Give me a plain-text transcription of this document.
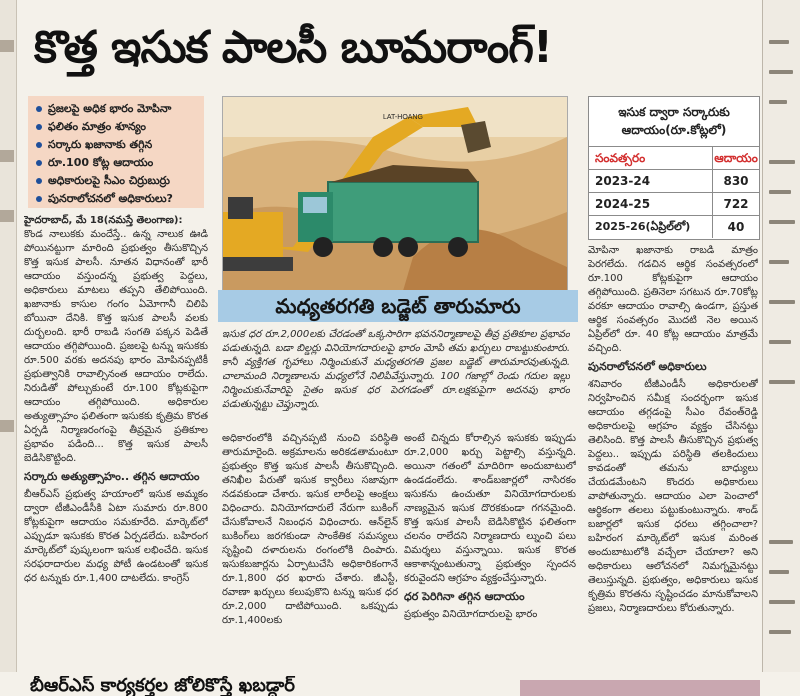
కొత్త ఇసుక పాలసీ బూమరాంగ్!
ప్రజలపై అధిక భారం మోపినా
ఫలితం మాత్రం శూన్యం
సర్కారు ఖజానాకు తగ్గిన
రూ.100 కోట్ల ఆదాయం
అధికారులపై సీఎం చిర్రుబుర్రు
పునరాలోచనలో అధికారులు?
LAT-HOANG
మధ్యతరగతి బడ్జెట్ తారుమారు
ఇసుక ద్వారా సర్కారుకు
ఆదాయం(రూ.కోట్లలో)
సంవత్సరం	ఆదాయం
2023-24	830
2024-25	722
2025-26(ఏప్రిల్‌లో)	40

హైదరాబాద్, మే 18(నమస్తే తెలంగాణ):

కొండ నాలుకకు మందేస్తే.. ఉన్న నాలుక ఊడి పోయినట్టుగా మారింది ప్రభుత్వం తీసుకొచ్చిన కొత్త ఇసుక పాలసీ. నూతన విధానంతో భారీ ఆదాయం వస్తుందన్న ప్రభుత్వ పెద్దలు, అధికారులు మాటలు తప్పని తేలిపోయింది. ఖజానాకు కాసుల గంగం ఏమోగానీ చిలిపి బోయినా దేనికి. కొత్త ఇసుక పాలసీ వలకు దుర్బలంది. భారీ రాబడి సంగతి పక్కన పెడితే ఆదాయం తగ్గిపోయింది. ప్రజలపై టన్ను ఇసుకకు రూ.500 వరకు అదనపు భారం మోపినప్పటికీ ప్రభుత్వానికి రావాల్సినంత ఆదాయం రాలేదు. నిరుడితో పోల్చుకుంటే రూ.100 కోట్లకుపైగా ఆదాయం తగ్గిపోయింది. అధికారుల అత్యుత్సాహం ఫలితంగా ఇసుకకు కృత్రిమ కొరత ఏర్పడి నిర్మాణరంగంపై తీవ్రమైన ప్రతికూల ప్రభావం పడింది... కొత్త ఇసుక పాలసీ బెడిసికొట్టింది.

సర్కారు అత్యుత్సాహం.. తగ్గిన ఆదాయం

బీఆర్ఎస్ ప్రభుత్వ హయాంలో ఇసుక అమ్మకం ద్వారా టీజీఎండీసీకి ఏటా సుమారు రూ.800 కోట్లకుపైగా ఆదాయం సమకూరేది. మార్కెట్‌లో ఎప్పుడూ ఇసుకకు కొరత ఏర్పడలేదు. బహిరంగ మార్కెట్‌లో పుష్కలంగా ఇసుక లభించేది. ఇసుక సరఫరాదారుల మధ్య పోటీ ఉండటంతో ఇసుక ధర టన్నుకు రూ.1,400 దాటలేదు. కాంగ్రెస్

ఇసుక ధర రూ.2,000లకు చేరడంతో ఒక్కసారిగా భవననిర్మాణాలపై తీవ్ర ప్రతికూల ప్రభావం పడుతున్నది. బడా బిల్డర్లు వినియోగదారులపై భారం మోపి తమ ఖర్చులు రాబట్టుకుంటారు. కానీ వ్యక్తిగత గృహాలు నిర్మించుకునే మధ్యతరగతి ప్రజల బడ్జెట్ తారుమారవుతున్నది. చాలామంది నిర్మాణాలను మధ్యలోనే నిలిపివేస్తున్నారు. 100 గజాల్లో రెండు గదుల ఇల్లు నిర్మించుకునేవారిపై సైతం ఇసుక ధర పెరగడంతో రూ.లక్షకుపైగా అదనపు భారం పడుతున్నట్టు చెప్తున్నారు.

అధికారంలోకి వచ్చినప్పటి నుంచి పరిస్థితి తారుమారైంది. అక్రమాలను అరికడతామంటూ ప్రభుత్వం కొత్త ఇసుక పాలసీ తీసుకొచ్చింది. తనిఖీల పేరుతో ఇసుక క్వారీలు సజావుగా నడవకుండా చేశారు. ఇసుక లారీలపై ఆంక్షలు విధించారు. వినియోగదారులే నేరుగా బుకింగ్ చేసుకోవాలనే నిబంధన విధించారు. ఆన్‌లైన్ బుకింగ్‌లు జరగకుండా సాంకేతిక సమస్యలు సృష్టించి దళారులను రంగంలోకి దింపారు. ఇసుకబజార్లను ఏర్పాటుచేసి అధికారికంగానే రూ.1,800 ధర ఖరారు చేశారు. జీఎస్టీ, రవాణా ఖర్చులు కలుపుకొని టన్ను ఇసుక ధర రూ.2,000 దాటిపోయింది. ఒకప్పుడు రూ.1,400లకు

అంటే చిన్నదు కోరాల్సిన ఇసుకకు ఇప్పుడు రూ.2,000 ఖర్చు పెట్టాల్సి వస్తున్నది. అయినా గతంలో మాదిరిగా అందుబాటులో ఉండడంలేదు. శాండ్‌బజార్లలో నాసిరకం ఇసుకను ఉంచుతూ వినియోగదారులకు నాణ్యమైన ఇసుక దొరకకుండా గగనమైంది. కొత్త ఇసుక పాలసీ బెడిసికొట్టిన ఫలితంగా చలనం రాలేదని నిర్మాణదారు ల్నుంచి పలు విమర్శలు వస్తున్నాయి. ఇసుక కొరత ఆకాశాన్నంటుతున్నా ప్రభుత్వం స్పందన కరువైందని ఆగ్రహం వ్యక్తంచేస్తున్నారు.

ధర పెరిగినా తగ్గిన ఆదాయం

ప్రభుత్వం వినియోగదారులపై భారం

మోపినా ఖజానాకు రాబడి మాత్రం పెరగలేదు. గడచిన ఆర్థిక సంవత్సరంలో రూ.100 కోట్లకుపైగా ఆదాయం తగ్గిపోయింది. ప్రతినెలా సగటున రూ.70కోట్ల వరకూ ఆదాయం రావాల్సి ఉండగా, ప్రస్తుత ఆర్థిక సంవత్సరం మొదటి నెల అయిన ఏప్రిల్‌లో రూ. 40 కోట్ల ఆదాయం మాత్రమే వచ్చింది.

పునరాలోచనలో అధికారులు

శనివారం టీజీఎండీసీ అధికారులతో నిర్వహించిన సమీక్ష సందర్భంగా ఇసుక ఆదాయం తగ్గడంపై సీఎం రేవంత్‌రెడ్డి అధికారులపై ఆగ్రహం వ్యక్తం చేసినట్టు తెలిసింది. కొత్త పాలసీ తీసుకొచ్చిన ప్రభుత్వ పెద్దలు.. ఇప్పుడు పరిస్థితి తలకిందులు కావడంతో తమను బాధ్యులు చేయడమేంటని కొందరు అధికారులు వాపోతున్నారు. ఆదాయం ఎలా పెంచాలో ఆర్థికంగా తలలు పట్టుకుంటున్నారు. శాండ్ బజార్లలో ఇసుక ధరలు తగ్గించాలా? బహిరంగ మార్కెట్‌లో ఇసుక మరింత అందుబాటులోకి వచ్చేలా చేయాలా? అని అధికారులు ఆలోచనలో నిమగ్నమైనట్టు తెలుస్తున్నది. ప్రభుత్వం, అధికారులు ఇసుక కృత్రిమ కొరతను సృష్టించడం మానుకోవాలని ప్రజలు, నిర్మాణదారులు కోరుతున్నారు.

బీఆర్ఎస్ కార్యకర్తల జోలికొస్తే ఖబడ్దార్
